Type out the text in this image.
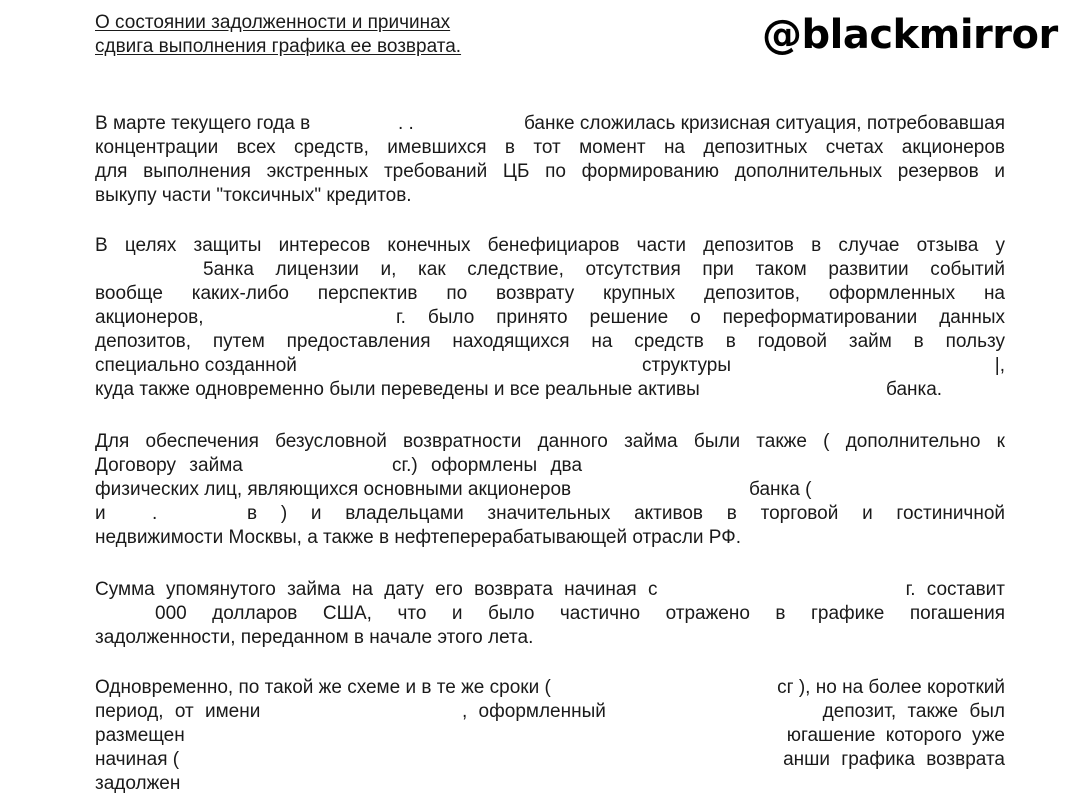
О состоянии задолженности и причинах
сдвига выполнения графика ее возврата.	@blackmirror
В марте текущего года в	. .	банке сложилась кризисная ситуация, потребовавшая
концентрации всех средств, имевшихся в тот момент на депозитных счетах акционеров
для выполнения экстренных требований ЦБ по формированию дополнительных резервов и
выкупу части "токсичных" кредитов.
В целях защиты интересов конечных бенефициаров части депозитов в случае отзыва у
5анка лицензии и, как следствие, отсутствия при таком развитии событий
вообще каких-либо перспектив по возврату крупных депозитов, оформленных на
акционеров,	г. было принято решение о переформатировании данных
депозитов, путем предоставления находящихся на средств в годовой займ в пользу
специально созданной	структуры	|,
куда также одновременно были переведены и все реальные активы	банка.
Для обеспечения безусловной возвратности данного займа были также ( дополнительно к
Договору займа	сг.) оформлены два
физических лиц, являющихся основными акционеров	банка (
и .	в ) и владельцами значительных активов в торговой и гостиничной
недвижимости Москвы, а также в нефтеперерабатывающей отрасли РФ.
Сумма упомянутого займа на дату его возврата начиная с	г. составит
000 долларов США, что и было частично отражено в графике погашения
задолженности, переданном в начале этого лета.
Одновременно, по такой же схеме и в те же сроки (	сг ), но на более короткий
период, от имени	, оформленный	депозит, также был
размещен	югашение которого уже
начиная (	анши графика возврата
задолжен
